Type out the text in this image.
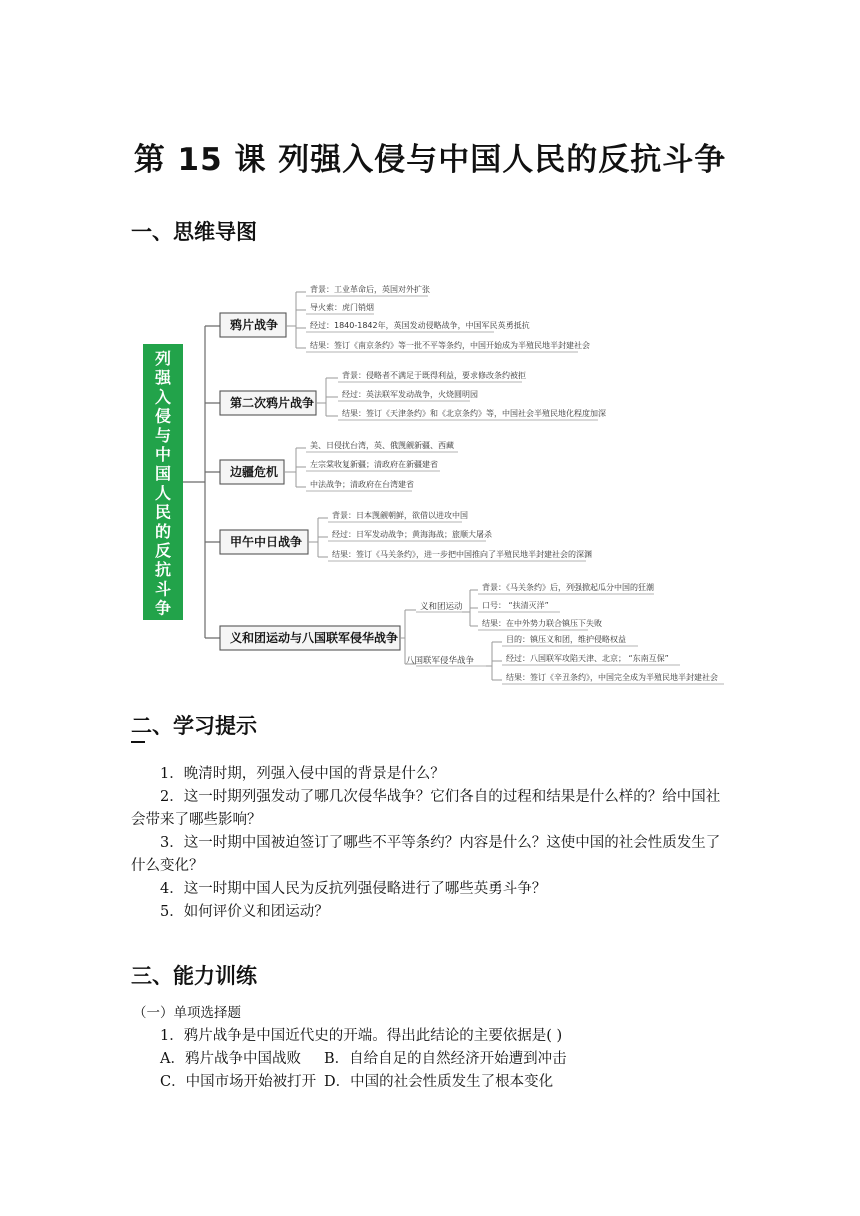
第 15 课 列强入侵与中国人民的反抗斗争
一、思维导图
列
强
入
侵
与
中
国
人
民
的
反
抗
斗
争
鸦片战争
第二次鸦片战争
边疆危机
甲午中日战争
义和团运动与八国联军侵华战争
背景：工业革命后，英国对外扩张
导火索：虎门销烟
经过：1840-1842年，英国发动侵略战争，中国军民英勇抵抗
结果：签订《南京条约》等一批不平等条约，中国开始成为半殖民地半封建社会
背景：侵略者不满足于既得利益，要求修改条约被拒
经过：英法联军发动战争，火烧圆明园
结果：签订《天津条约》和《北京条约》等，中国社会半殖民地化程度加深
美、日侵扰台湾，英、俄觊觎新疆、西藏
左宗棠收复新疆；清政府在新疆建省
中法战争；清政府在台湾建省
背景：日本觊觎朝鲜，欲借以进攻中国
经过：日军发动战争；黄海海战；旅顺大屠杀
结果：签订《马关条约》，进一步把中国推向了半殖民地半封建社会的深渊
义和团运动
八国联军侵华战争
背景：《马关条约》后，列强掀起瓜分中国的狂潮
口号： “扶清灭洋”
结果：在中外势力联合镇压下失败
目的：镇压义和团，维护侵略权益
经过：八国联军攻陷天津、北京； “东南互保”
结果：签订《辛丑条约》，中国完全成为半殖民地半封建社会
二、学习提示
1．晚清时期，列强入侵中国的背景是什么？
2．这一时期列强发动了哪几次侵华战争？它们各自的过程和结果是什么样的？给中国社会带来了哪些影响？
3．这一时期中国被迫签订了哪些不平等条约？内容是什么？这使中国的社会性质发生了什么变化？
4．这一时期中国人民为反抗列强侵略进行了哪些英勇斗争？
5．如何评价义和团运动？
三、能力训练
（一）单项选择题
1．鸦片战争是中国近代史的开端。得出此结论的主要依据是( )
A．鸦片战争中国战败	B．自给自足的自然经济开始遭到冲击
C．中国市场开始被打开 D．中国的社会性质发生了根本变化
